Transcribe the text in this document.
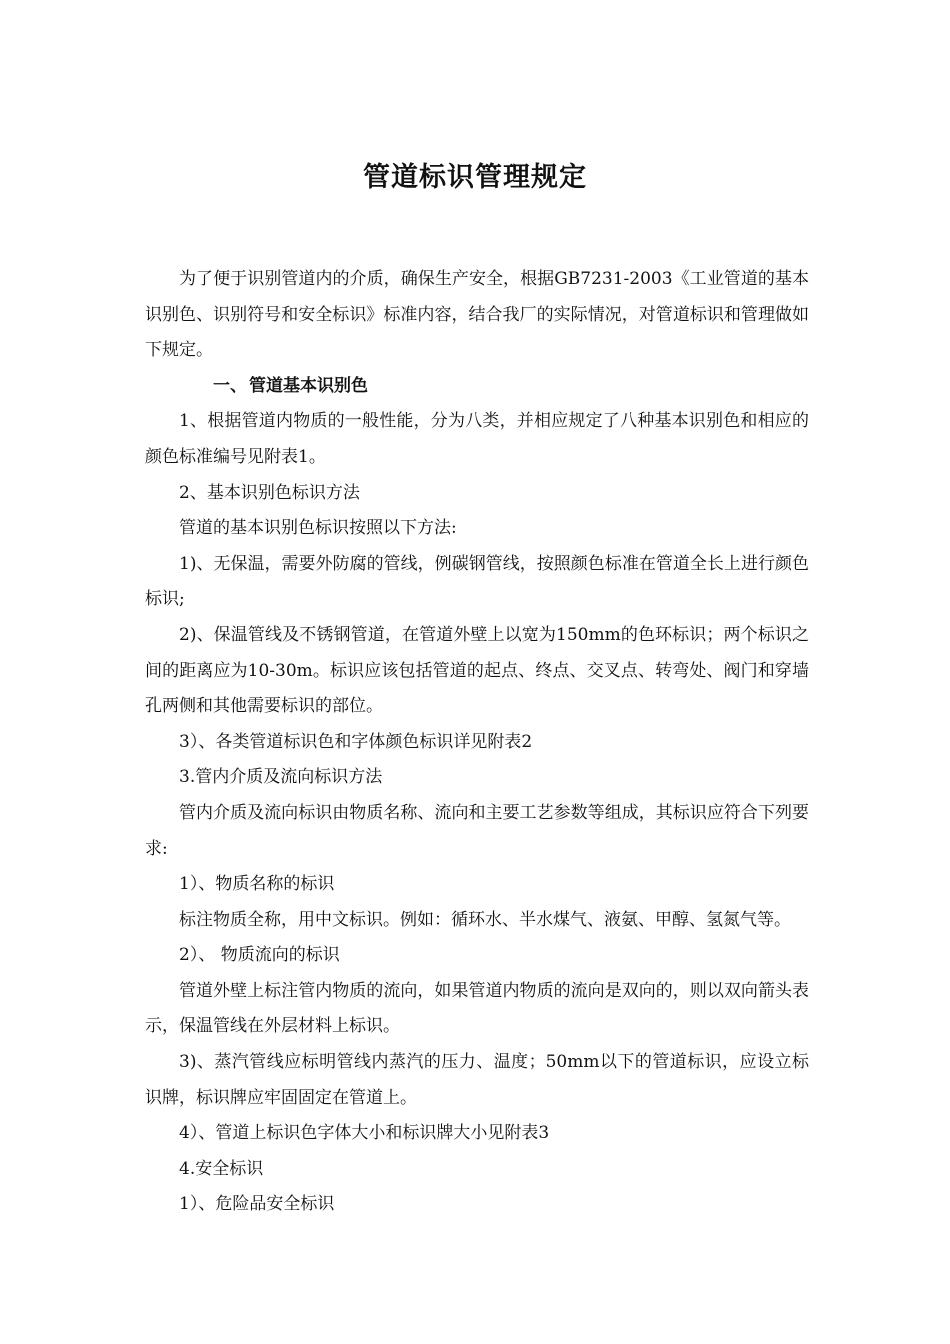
管道标识管理规定

为了便于识别管道内的介质，确保生产安全，根据GB7231-2003《工业管道的基本识别色、识别符号和安全标识》标准内容，结合我厂的实际情况，对管道标识和管理做如下规定。

一、 管道基本识别色

1、根据管道内物质的一般性能，分为八类，并相应规定了八种基本识别色和相应的颜色标准编号见附表1。

2、基本识别色标识方法

管道的基本识别色标识按照以下方法:

1)、无保温，需要外防腐的管线，例碳钢管线，按照颜色标准在管道全长上进行颜色标识;

2)、保温管线及不锈钢管道，在管道外壁上以宽为150mm的色环标识；两个标识之间的距离应为10-30m。标识应该包括管道的起点、终点、交叉点、转弯处、阀门和穿墙孔两侧和其他需要标识的部位。

3）、各类管道标识色和字体颜色标识详见附表2

3.管内介质及流向标识方法

管内介质及流向标识由物质名称、流向和主要工艺参数等组成，其标识应符合下列要求:

1）、物质名称的标识

标注物质全称，用中文标识。例如：循环水、半水煤气、液氨、甲醇、氢氮气等。

2）、 物质流向的标识

管道外壁上标注管内物质的流向，如果管道内物质的流向是双向的，则以双向箭头表示，保温管线在外层材料上标识。

3)、蒸汽管线应标明管线内蒸汽的压力、温度；50mm以下的管道标识，应设立标识牌，标识牌应牢固固定在管道上。

4）、管道上标识色字体大小和标识牌大小见附表3

4.安全标识

1）、危险品安全标识
